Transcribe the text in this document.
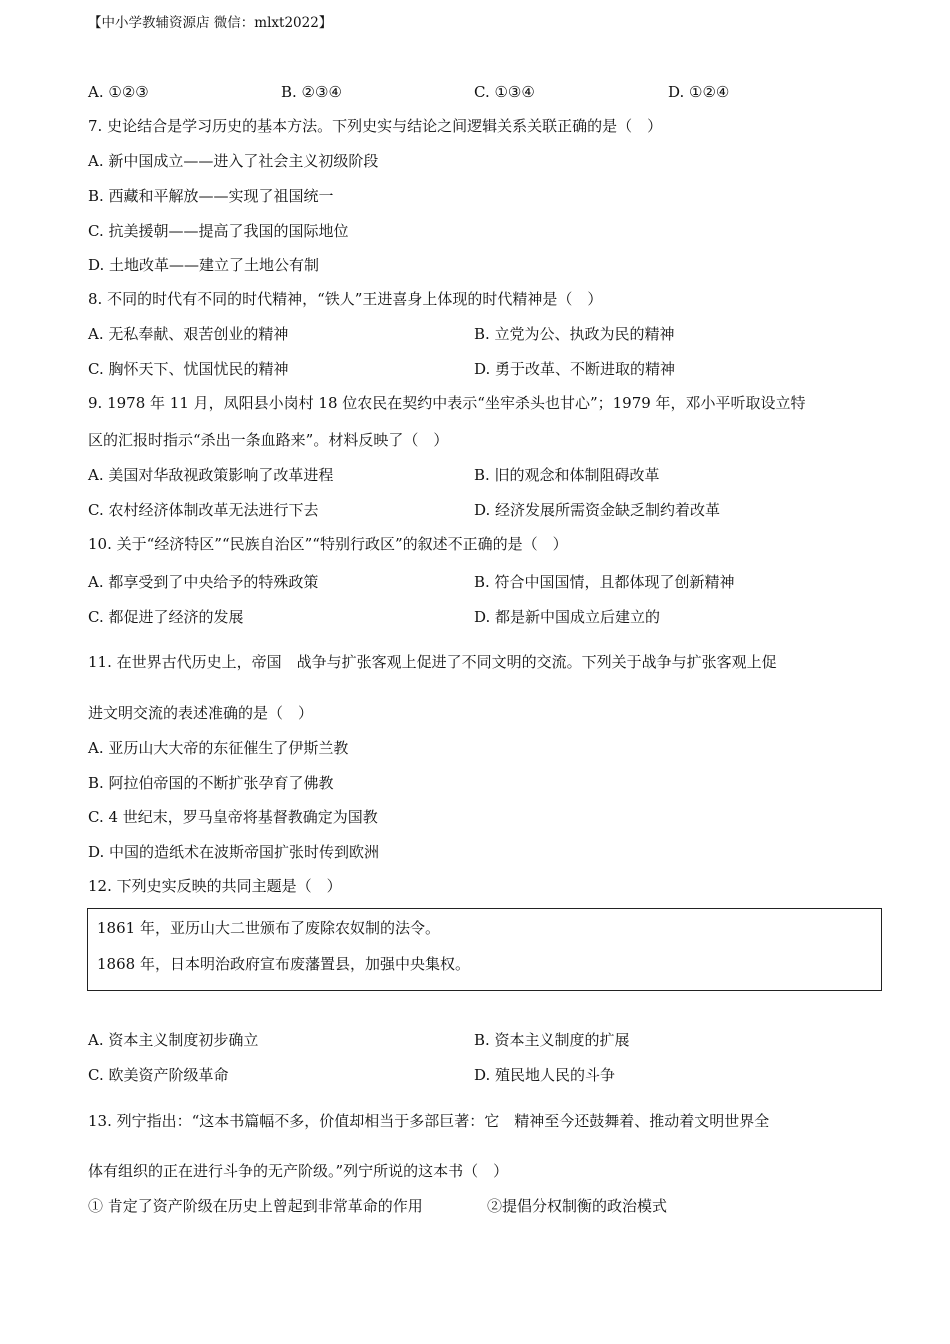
【中小学教辅资源店 微信：mlxt2022】
A. ①②③	B. ②③④	C. ①③④	D. ①②④
7. 史论结合是学习历史的基本方法。下列史实与结论之间逻辑关系关联正确的是（　）
A. 新中国成立——进入了社会主义初级阶段
B. 西藏和平解放——实现了祖国统一
C. 抗美援朝——提高了我国的国际地位
D. 土地改革——建立了土地公有制
8. 不同的时代有不同的时代精神，“铁人”王进喜身上体现的时代精神是（　）
A. 无私奉献、艰苦创业的精神	B. 立党为公、执政为民的精神
C. 胸怀天下、忧国忧民的精神	D. 勇于改革、不断进取的精神
9. 1978 年 11 月，凤阳县小岗村 18 位农民在契约中表示“坐牢杀头也甘心”；1979 年，邓小平听取设立特
区的汇报时指示“杀出一条血路来”。材料反映了（　）
A. 美国对华敌视政策影响了改革进程	B. 旧的观念和体制阻碍改革
C. 农村经济体制改革无法进行下去	D. 经济发展所需资金缺乏制约着改革
10. 关于“经济特区”“民族自治区”“特别行政区”的叙述不正确的是（　）
A. 都享受到了中央给予的特殊政策	B. 符合中国国情，且都体现了创新精神
C. 都促进了经济的发展	D. 都是新中国成立后建立的
11. 在世界古代历史上，帝国　战争与扩张客观上促进了不同文明的交流。下列关于战争与扩张客观上促
进文明交流的表述准确的是（　）
A. 亚历山大大帝的东征催生了伊斯兰教
B. 阿拉伯帝国的不断扩张孕育了佛教
C. 4 世纪末，罗马皇帝将基督教确定为国教
D. 中国的造纸术在波斯帝国扩张时传到欧洲
12. 下列史实反映的共同主题是（　）
1861 年，亚历山大二世颁布了废除农奴制的法令。
1868 年，日本明治政府宣布废藩置县，加强中央集权。
A. 资本主义制度初步确立	B. 资本主义制度的扩展
C. 欧美资产阶级革命	D. 殖民地人民的斗争
13. 列宁指出：“这本书篇幅不多，价值却相当于多部巨著：它　精神至今还鼓舞着、推动着文明世界全
体有组织的正在进行斗争的无产阶级。”列宁所说的这本书（　）
① 肯定了资产阶级在历史上曾起到非常革命的作用	②提倡分权制衡的政治模式
